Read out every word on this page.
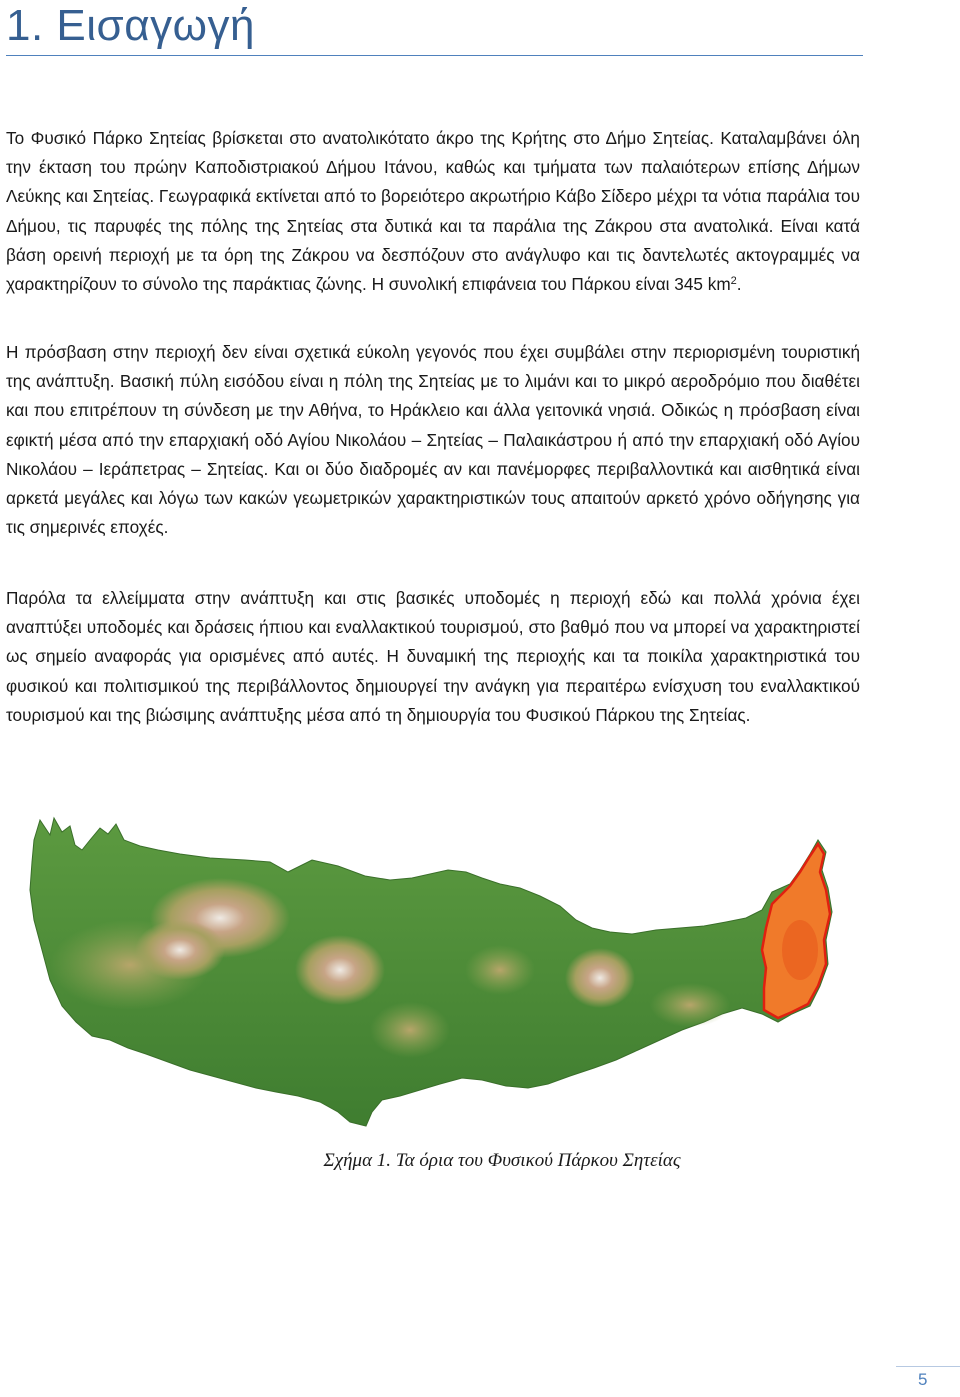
1. Εισαγωγή

Το Φυσικό Πάρκο Σητείας βρίσκεται στο ανατολικότατο άκρο της Κρήτης στο Δήμο Σητείας. Καταλαμβάνει όλη την έκταση του πρώην Καποδιστριακού Δήμου Ιτάνου, καθώς και τμήματα των παλαιότερων επίσης Δήμων Λεύκης και Σητείας. Γεωγραφικά εκτίνεται από το βορειότερο ακρωτήριο Κάβο Σίδερο μέχρι τα νότια παράλια του Δήμου, τις παρυφές της πόλης της Σητείας στα δυτικά και τα παράλια της Ζάκρου στα ανατολικά. Είναι κατά βάση ορεινή περιοχή με τα όρη της Ζάκρου να δεσπόζουν στο ανάγλυφο και τις δαντελωτές ακτογραμμές να χαρακτηρίζουν το σύνολο της παράκτιας ζώνης. Η συνολική επιφάνεια του Πάρκου είναι 345 $km^2$.

Η πρόσβαση στην περιοχή δεν είναι σχετικά εύκολη γεγονός που έχει συμβάλει στην περιορισμένη τουριστική της ανάπτυξη. Βασική πύλη εισόδου είναι η πόλη της Σητείας με το λιμάνι και το μικρό αεροδρόμιο που διαθέτει και που επιτρέπουν τη σύνδεση με την Αθήνα, το Ηράκλειο και άλλα γειτονικά νησιά. Οδικώς η πρόσβαση είναι εφικτή μέσα από την επαρχιακή οδό Αγίου Νικολάου – Σητείας – Παλαικάστρου ή από την επαρχιακή οδό Αγίου Νικολάου – Ιεράπετρας – Σητείας. Και οι δύο διαδρομές αν και πανέμορφες περιβαλλοντικά και αισθητικά είναι αρκετά μεγάλες και λόγω των κακών γεωμετρικών χαρακτηριστικών τους απαιτούν αρκετό χρόνο οδήγησης για τις σημερινές εποχές.

Παρόλα τα ελλείμματα στην ανάπτυξη και στις βασικές υποδομές η περιοχή εδώ και πολλά χρόνια έχει αναπτύξει υποδομές και δράσεις ήπιου και εναλλακτικού τουρισμού, στο βαθμό που να μπορεί να χαρακτηριστεί ως σημείο αναφοράς για ορισμένες από αυτές. Η δυναμική της περιοχής και τα ποικίλα χαρακτηριστικά του φυσικού και πολιτισμικού της περιβάλλοντος δημιουργεί την ανάγκη για περαιτέρω ενίσχυση του εναλλακτικού τουρισμού και της βιώσιμης ανάπτυξης μέσα από τη δημιουργία του Φυσικού Πάρκου της Σητείας.

Σχήμα 1. Τα όρια του Φυσικού Πάρκου Σητείας

5
